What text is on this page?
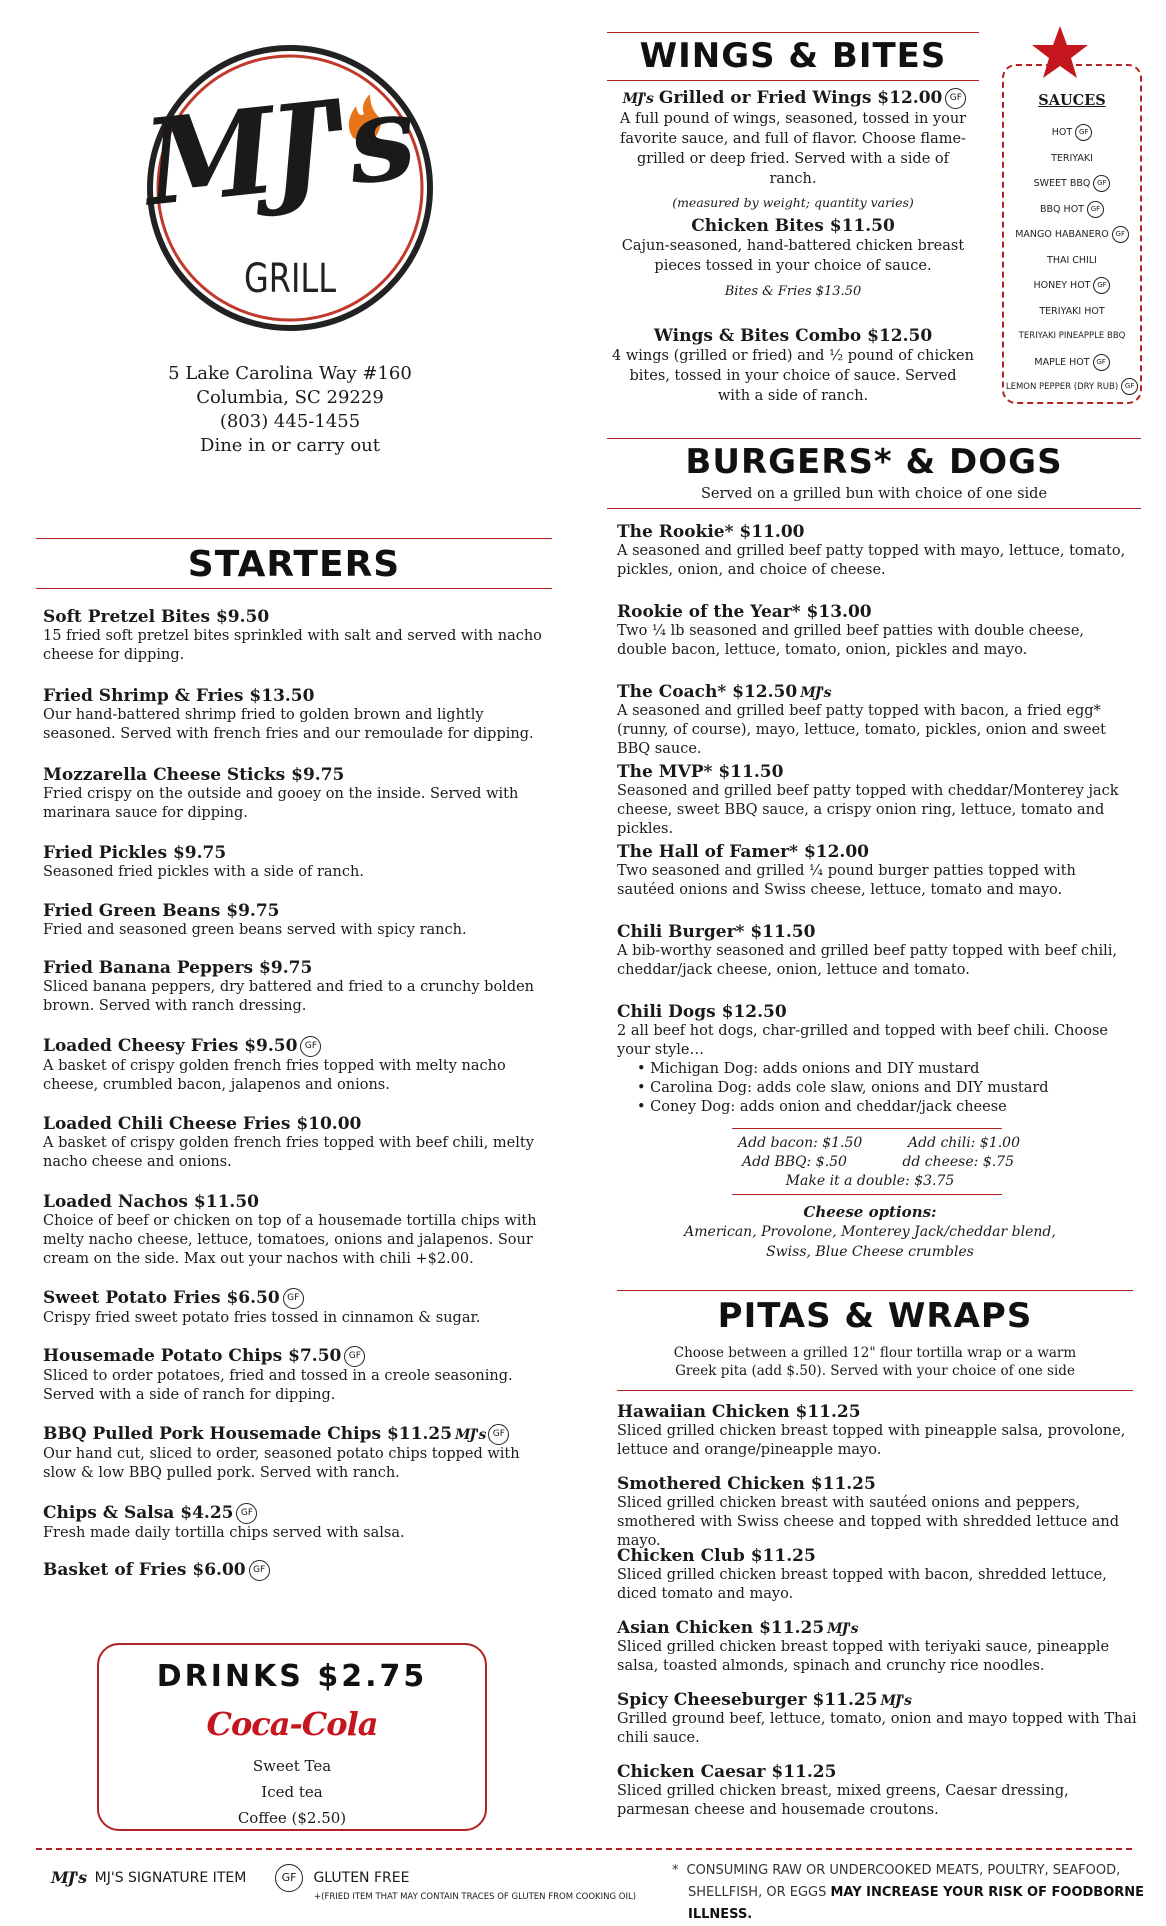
MJ's
GRILL
5 Lake Carolina Way #160
Columbia, SC 29229
(803) 445-1455
Dine in or carry out
STARTERS
Soft Pretzel Bites $9.50
15 fried soft pretzel bites sprinkled with salt and served with nacho cheese for dipping.
Fried Shrimp & Fries $13.50
Our hand-battered shrimp fried to golden brown and lightly seasoned. Served with french fries and our remoulade for dipping.
Mozzarella Cheese Sticks $9.75
Fried crispy on the outside and gooey on the inside. Served with marinara sauce for dipping.
Fried Pickles $9.75
Seasoned fried pickles with a side of ranch.
Fried Green Beans $9.75
Fried and seasoned green beans served with spicy ranch.
Fried Banana Peppers $9.75
Sliced banana peppers, dry battered and fried to a crunchy bolden brown. Served with ranch dressing.
Loaded Cheesy Fries $9.50 GF
A basket of crispy golden french fries topped with melty nacho cheese, crumbled bacon, jalapenos and onions.
Loaded Chili Cheese Fries $10.00
A basket of crispy golden french fries topped with beef chili, melty nacho cheese and onions.
Loaded Nachos $11.50
Choice of beef or chicken on top of a housemade tortilla chips with melty nacho cheese, lettuce, tomatoes, onions and jalapenos. Sour cream on the side. Max out your nachos with chili +$2.00.
Sweet Potato Fries $6.50 GF
Crispy fried sweet potato fries tossed in cinnamon & sugar.
Housemade Potato Chips $7.50 GF
Sliced to order potatoes, fried and tossed in a creole seasoning. Served with a side of ranch for dipping.
BBQ Pulled Pork Housemade Chips $11.25 MJ's GF
Our hand cut, sliced to order, seasoned potato chips topped with slow & low BBQ pulled pork. Served with ranch.
Chips & Salsa $4.25 GF
Fresh made daily tortilla chips served with salsa.
Basket of Fries $6.00 GF
DRINKS $2.75
Coca-Cola
Sweet Tea
Iced tea
Coffee ($2.50)
WINGS & BITES
MJ's Grilled or Fried Wings $12.00 GF
A full pound of wings, seasoned, tossed in your favorite sauce, and full of flavor. Choose flame-grilled or deep fried. Served with a side of ranch.
(measured by weight; quantity varies)
Chicken Bites $11.50
Cajun-seasoned, hand-battered chicken breast pieces tossed in your choice of sauce.
Bites & Fries $13.50
Wings & Bites Combo $12.50
4 wings (grilled or fried) and ½ pound of chicken bites, tossed in your choice of sauce. Served with a side of ranch.
SAUCES
HOT GF
TERIYAKI
SWEET BBQ GF
BBQ HOT GF
MANGO HABANERO GF
THAI CHILI
HONEY HOT GF
TERIYAKI HOT
TERIYAKI PINEAPPLE BBQ
MAPLE HOT GF
LEMON PEPPER (DRY RUB) GF
BURGERS* & DOGS
Served on a grilled bun with choice of one side
The Rookie* $11.00
A seasoned and grilled beef patty topped with mayo, lettuce, tomato, pickles, onion, and choice of cheese.
Rookie of the Year* $13.00
Two ¼ lb seasoned and grilled beef patties with double cheese, double bacon, lettuce, tomato, onion, pickles and mayo.
The Coach* $12.50 MJ's
A seasoned and grilled beef patty topped with bacon, a fried egg* (runny, of course), mayo, lettuce, tomato, pickles, onion and sweet BBQ sauce.
The MVP* $11.50
Seasoned and grilled beef patty topped with cheddar/Monterey jack cheese, sweet BBQ sauce, a crispy onion ring, lettuce, tomato and pickles.
The Hall of Famer* $12.00
Two seasoned and grilled ¼ pound burger patties topped with sautéed onions and Swiss cheese, lettuce, tomato and mayo.
Chili Burger* $11.50
A bib-worthy seasoned and grilled beef patty topped with beef chili, cheddar/jack cheese, onion, lettuce and tomato.
Chili Dogs $12.50
2 all beef hot dogs, char-grilled and topped with beef chili. Choose your style…
• Michigan Dog: adds onions and DIY mustard
• Carolina Dog: adds cole slaw, onions and DIY mustard
• Coney Dog: adds onion and cheddar/jack cheese
Add bacon: $1.50	Add chili: $1.00
Add BBQ: $.50	dd cheese: $.75
Make it a double: $3.75
Cheese options:
American, Provolone, Monterey Jack/cheddar blend,
Swiss, Blue Cheese crumbles
PITAS & WRAPS
Choose between a grilled 12" flour tortilla wrap or a warm
Greek pita (add $.50). Served with your choice of one side
Hawaiian Chicken $11.25
Sliced grilled chicken breast topped with pineapple salsa, provolone, lettuce and orange/pineapple mayo.
Smothered Chicken $11.25
Sliced grilled chicken breast with sautéed onions and peppers, smothered with Swiss cheese and topped with shredded lettuce and mayo.
Chicken Club $11.25
Sliced grilled chicken breast topped with bacon, shredded lettuce, diced tomato and mayo.
Asian Chicken $11.25 MJ's
Sliced grilled chicken breast topped with teriyaki sauce, pineapple salsa, toasted almonds, spinach and crunchy rice noodles.
Spicy Cheeseburger $11.25 MJ's
Grilled ground beef, lettuce, tomato, onion and mayo topped with Thai chili sauce.
Chicken Caesar $11.25
Sliced grilled chicken breast, mixed greens, Caesar dressing, parmesan cheese and housemade croutons.
MJ's MJ'S SIGNATURE ITEM	GF GLUTEN FREE
+(FRIED ITEM THAT MAY CONTAIN TRACES OF GLUTEN FROM COOKING OIL)
* CONSUMING RAW OR UNDERCOOKED MEATS, POULTRY, SEAFOOD,
SHELLFISH, OR EGGS MAY INCREASE YOUR RISK OF FOODBORNE ILLNESS.
